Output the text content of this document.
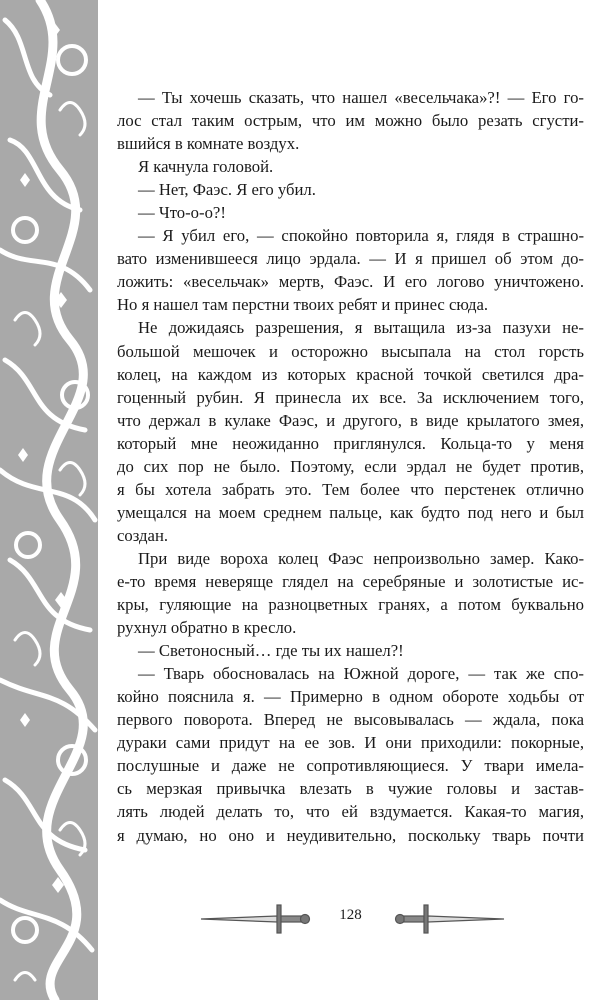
— Ты хочешь сказать, что нашел «весельчака»?! — Его го-
лос стал таким острым, что им можно было резать сгусти-
вшийся в комнате воздух.
Я качнула головой.
— Нет, Фаэс. Я его убил.
— Что-о-о?!
— Я убил его, — спокойно повторила я, глядя в страшно-
вато изменившееся лицо эрдала. — И я пришел об этом до-
ложить: «весельчак» мертв, Фаэс. И его логово уничтожено.
Но я нашел там перстни твоих ребят и принес сюда.
Не дожидаясь разрешения, я вытащила из-за пазухи не-
большой мешочек и осторожно высыпала на стол горсть
колец, на каждом из которых красной точкой светился дра-
гоценный рубин. Я принесла их все. За исключением того,
что держал в кулаке Фаэс, и другого, в виде крылатого змея,
который мне неожиданно приглянулся. Кольца-то у меня
до сих пор не было. Поэтому, если эрдал не будет против,
я бы хотела забрать это. Тем более что перстенек отлично
умещался на моем среднем пальце, как будто под него и был
создан.
При виде вороха колец Фаэс непроизвольно замер. Како-
е-то время неверяще глядел на серебряные и золотистые ис-
кры, гуляющие на разноцветных гранях, а потом буквально
рухнул обратно в кресло.
— Светоносный… где ты их нашел?!
— Тварь обосновалась на Южной дороге, — так же спо-
койно пояснила я. — Примерно в одном обороте ходьбы от
первого поворота. Вперед не высовывалась — ждала, пока
дураки сами придут на ее зов. И они приходили: покорные,
послушные и даже не сопротивляющиеся. У твари имела-
сь мерзкая привычка влезать в чужие головы и застав-
лять людей делать то, что ей вздумается. Какая-то магия,
я думаю, но оно и неудивительно, поскольку тварь почти
128
